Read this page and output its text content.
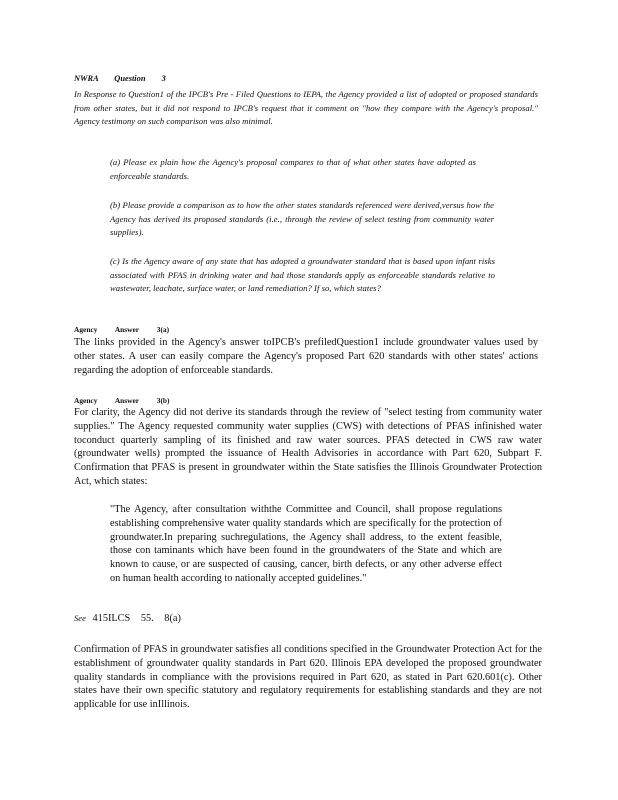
NWRA Question 3

In Response to Question1 of the IPCB's Pre - Filed Questions to IEPA, the Agency provided a list of adopted or proposed standards from other states, but it did not respond to IPCB's request that it comment on "how they compare with the Agency's proposal." Agency testimony on such comparison was also minimal.

(a) Please ex plain how the Agency's proposal compares to that of what other states have adopted as enforceable standards.

(b) Please provide a comparison as to how the other states standards referenced were derived,versus how the Agency has derived its proposed standards (i.e., through the review of select testing from community water supplies).

(c) Is the Agency aware of any state that has adopted a groundwater standard that is based upon infant risks associated with PFAS in drinking water and had those standards apply as enforceable standards relative to wastewater, leachate, surface water, or land remediation? If so, which states?

Agency Answer 3(a)

The links provided in the Agency's answer toIPCB's prefiledQuestion1 include groundwater values used by other states. A user can easily compare the Agency's proposed Part 620 standards with other states' actions regarding the adoption of enforceable standards.

Agency Answer 3(b)

For clarity, the Agency did not derive its standards through the review of "select testing from community water supplies." The Agency requested community water supplies (CWS) with detections of PFAS infinished water toconduct quarterly sampling of its finished and raw water sources. PFAS detected in CWS raw water (groundwater wells) prompted the issuance of Health Advisories in accordance with Part 620, Subpart F. Confirmation that PFAS is present in groundwater within the State satisfies the Illinois Groundwater Protection Act, which states:

"The Agency, after consultation withthe Committee and Council, shall propose regulations establishing comprehensive water quality standards which are specifically for the protection of groundwater.In preparing suchregulations, the Agency shall address, to the extent feasible, those con taminants which have been found in the groundwaters of the State and which are known to cause, or are suspected of causing, cancer, birth defects, or any other adverse effect on human health according to nationally accepted guidelines."

See 415ILCS 55. 8(a)

Confirmation of PFAS in groundwater satisfies all conditions specified in the Groundwater Protection Act for the establishment of groundwater quality standards in Part 620. Illinois EPA developed the proposed groundwater quality standards in compliance with the provisions required in Part 620, as stated in Part 620.601(c). Other states have their own specific statutory and regulatory requirements for establishing standards and they are not applicable for use inIllinois.
